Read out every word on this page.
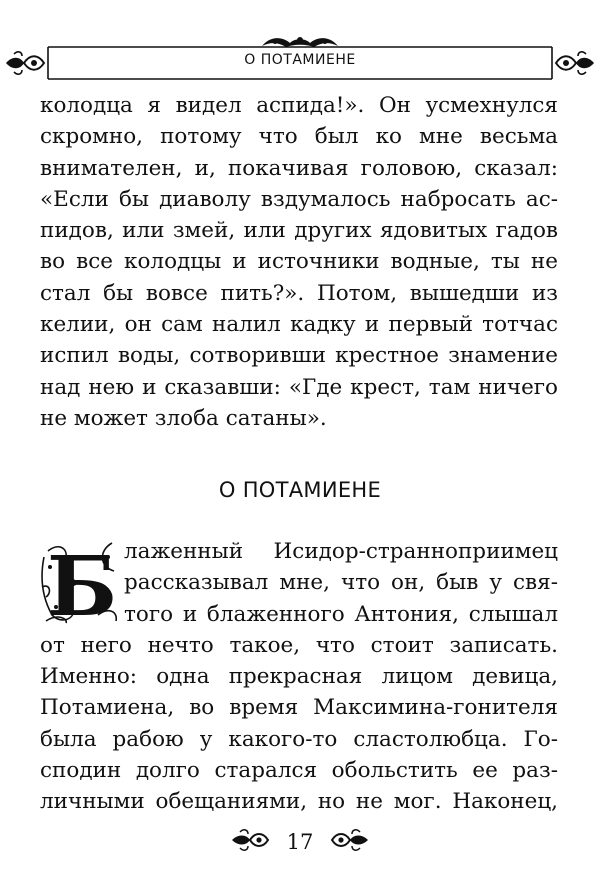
О ПОТАМИЕНЕ
колодца я видел аспида!». Он усмехнулся
скромно, потому что был ко мне весьма
внимателен, и, покачивая головою, сказал:
«Если бы диаволу вздумалось набросать ас-
пидов, или змей, или других ядовитых гадов
во все колодцы и источники водные, ты не
стал бы вовсе пить?». Потом, вышедши из
келии, он сам налил кадку и первый тотчас
испил воды, сотворивши крестное знамение
над нею и сказавши: «Где крест, там ничего
не может злоба сатаны».
О ПОТАМИЕНЕ
Б лаженный Исидор-странноприимец
рассказывал мне, что он, быв у свя-
того и блаженного Антония, слышал
от него нечто такое, что стоит записать.
Именно: одна прекрасная лицом девица,
Потамиена, во время Максимина-гонителя
была рабою у какого-то сластолюбца. Го-
сподин долго старался обольстить ее раз-
личными обещаниями, но не мог. Наконец,
17
